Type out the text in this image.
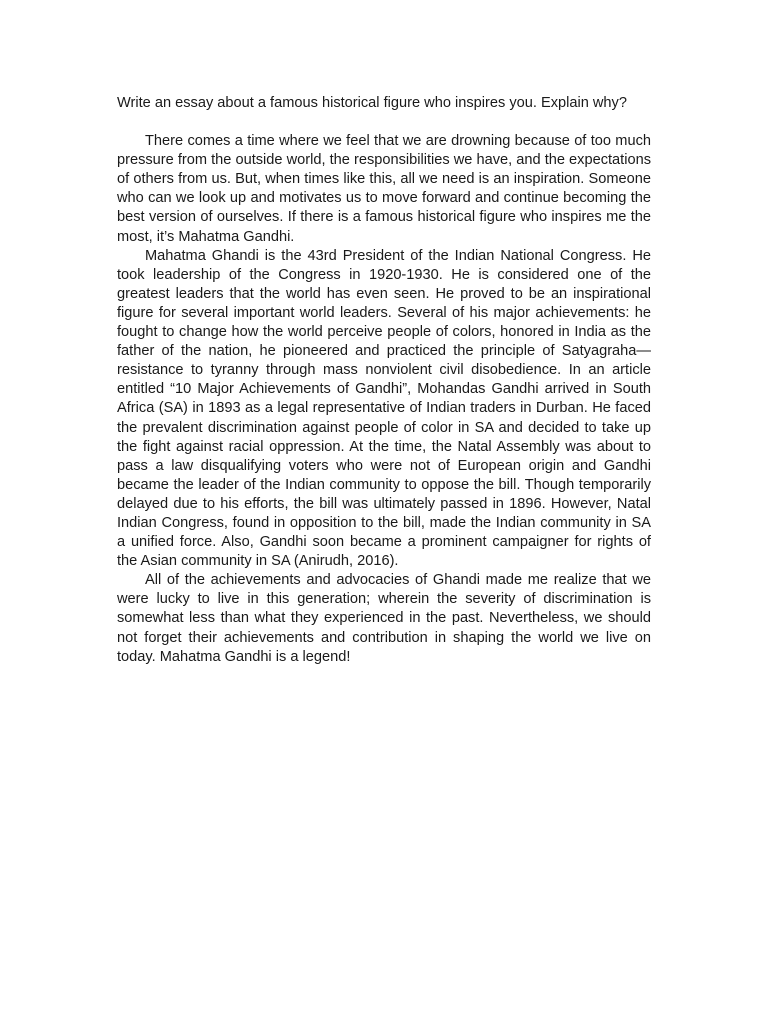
Write an essay about a famous historical figure who inspires you. Explain why?

There comes a time where we feel that we are drowning because of too much pressure from the outside world, the responsibilities we have, and the expectations of others from us. But, when times like this, all we need is an inspiration. Someone who can we look up and motivates us to move forward and continue becoming the best version of ourselves. If there is a famous historical figure who inspires me the most, it’s Mahatma Gandhi.

Mahatma Ghandi is the 43rd President of the Indian National Congress. He took leadership of the Congress in 1920-1930. He is considered one of the greatest leaders that the world has even seen. He proved to be an inspirational figure for several important world leaders. Several of his major achievements: he fought to change how the world perceive people of colors, honored in India as the father of the nation, he pioneered and practiced the principle of Satyagraha—resistance to tyranny through mass nonviolent civil disobedience. In an article entitled “10 Major Achievements of Gandhi”, Mohandas Gandhi arrived in South Africa (SA) in 1893 as a legal representative of Indian traders in Durban. He faced the prevalent discrimination against people of color in SA and decided to take up the fight against racial oppression. At the time, the Natal Assembly was about to pass a law disqualifying voters who were not of European origin and Gandhi became the leader of the Indian community to oppose the bill. Though temporarily delayed due to his efforts, the bill was ultimately passed in 1896. However, Natal Indian Congress, found in opposition to the bill, made the Indian community in SA a unified force. Also, Gandhi soon became a prominent campaigner for rights of the Asian community in SA (Anirudh, 2016).

All of the achievements and advocacies of Ghandi made me realize that we were lucky to live in this generation; wherein the severity of discrimination is somewhat less than what they experienced in the past. Nevertheless, we should not forget their achievements and contribution in shaping the world we live on today. Mahatma Gandhi is a legend!
